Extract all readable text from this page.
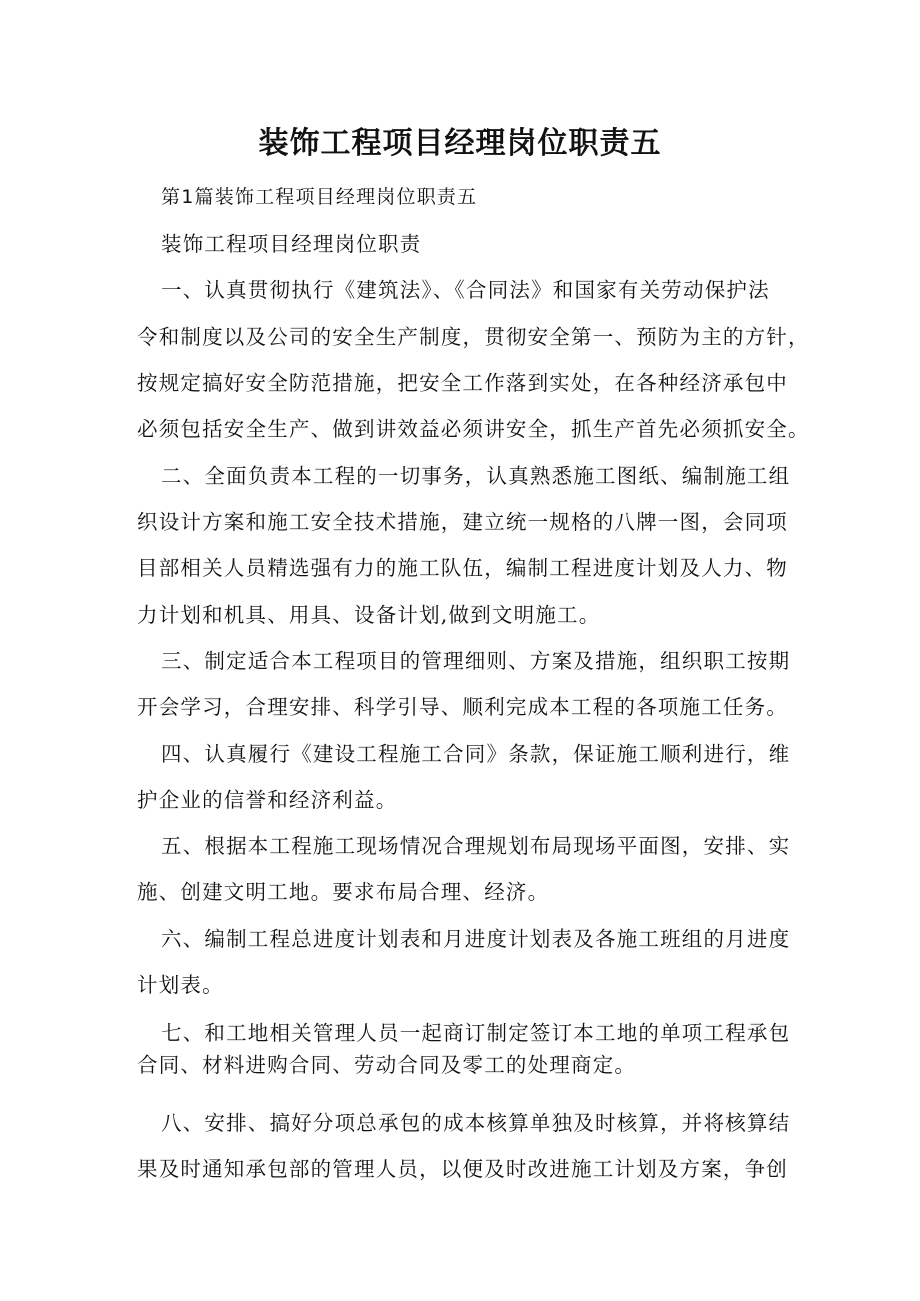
装饰工程项目经理岗位职责五

第1篇装饰工程项目经理岗位职责五

装饰工程项目经理岗位职责

一、认真贯彻执行《建筑法》、《合同法》和国家有关劳动保护法

令和制度以及公司的安全生产制度，贯彻安全第一、预防为主的方针，

按规定搞好安全防范措施，把安全工作落到实处，在各种经济承包中

必须包括安全生产、做到讲效益必须讲安全，抓生产首先必须抓安全。

二、全面负责本工程的一切事务，认真熟悉施工图纸、编制施工组

织设计方案和施工安全技术措施，建立统一规格的八牌一图，会同项

目部相关人员精选强有力的施工队伍，编制工程进度计划及人力、物

力计划和机具、用具、设备计划,做到文明施工。

三、制定适合本工程项目的管理细则、方案及措施，组织职工按期

开会学习，合理安排、科学引导、顺利完成本工程的各项施工任务。

四、认真履行《建设工程施工合同》条款，保证施工顺利进行，维

护企业的信誉和经济利益。

五、根据本工程施工现场情况合理规划布局现场平面图，安排、实

施、创建文明工地。要求布局合理、经济。

六、编制工程总进度计划表和月进度计划表及各施工班组的月进度

计划表。

七、和工地相关管理人员一起商订制定签订本工地的单项工程承包

合同、材料进购合同、劳动合同及零工的处理商定。

八、安排、搞好分项总承包的成本核算单独及时核算，并将核算结

果及时通知承包部的管理人员，以便及时改进施工计划及方案，争创
